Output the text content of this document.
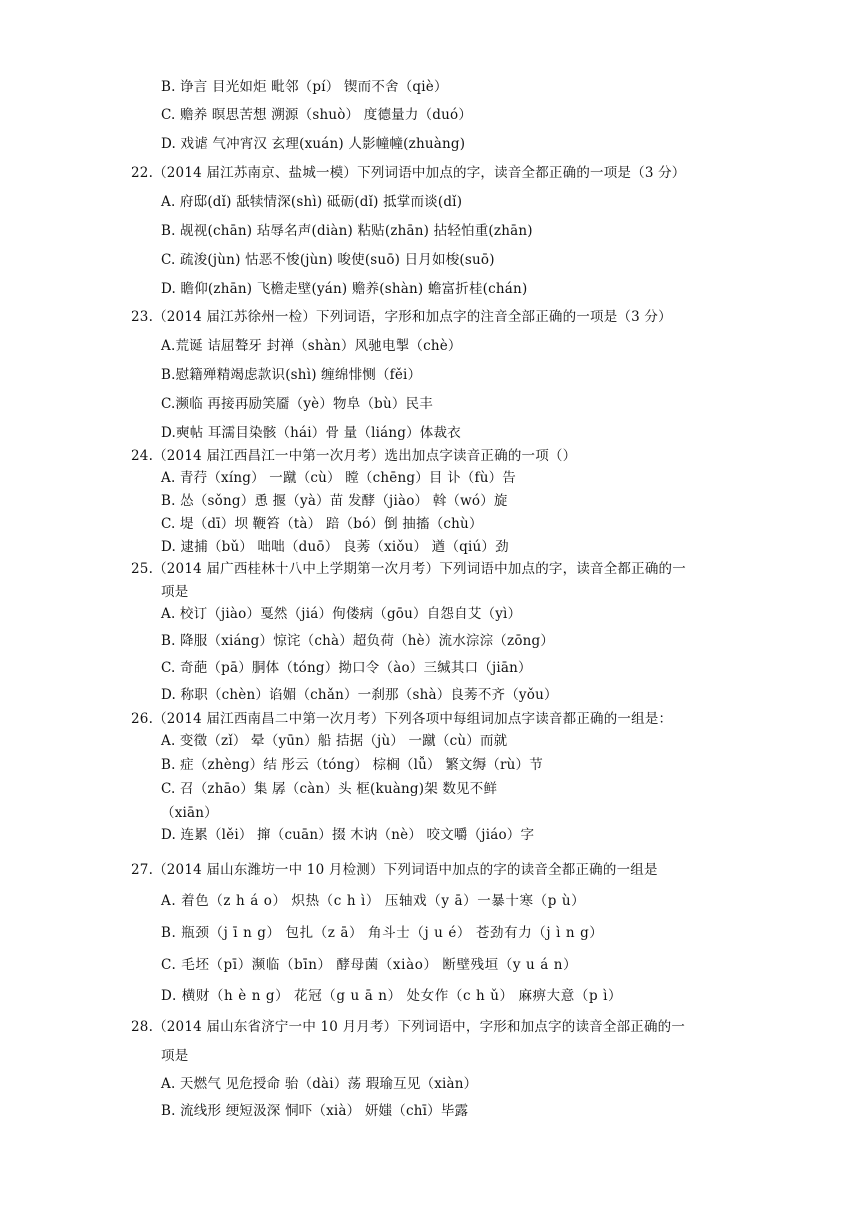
B. 诤言 目光如炬 毗邻（pí） 锲而不舍（qiè）
C. 赡养 暝思苦想 溯源（shuò） 度德量力（duó）
D. 戏谑 气冲宵汉 玄理(xuán) 人影幢幢(zhuàng)
22.（2014 届江苏南京、盐城一模）下列词语中加点的字，读音全都正确的一项是（3 分）
A. 府邸(dǐ) 舐犊情深(shì) 砥砺(dǐ) 抵掌而谈(dǐ)
B. 觇视(chān) 玷辱名声(diàn) 粘贴(zhān) 拈轻怕重(zhān)
C. 疏浚(jùn) 怙恶不悛(jùn) 唆使(suō) 日月如梭(suō)
D. 瞻仰(zhān) 飞檐走壁(yán) 赡养(shàn) 蟾富折桂(chán)
23.（2014 届江苏徐州一检）下列词语，字形和加点字的注音全部正确的一项是（3 分）
A.荒诞 诘屈聱牙 封禅（shàn）风驰电掣（chè）
B.慰籍殚精竭虑款识(shì) 缠绵悱恻（fěi）
C.濒临 再接再励笑靥（yè）物阜（bù）民丰
D.奭帖 耳濡目染骸（hái）骨 量（liáng）体裁衣
24.（2014 届江西昌江一中第一次月考）选出加点字读音正确的一项（）
A. 青荇（xíng） 一蹴（cù） 瞠（chēng）目 讣（fù）告
B. 怂（sǒng）恿 揠（yà）苗 发酵（jiào） 斡（wó）旋
C. 堤（dī）坝 鞭笞（tà） 踣（bó）倒 抽搐（chù）
D. 逮捕（bǔ） 咄咄（duō） 良莠（xiǒu） 遒（qiú）劲
25.（2014 届广西桂林十八中上学期第一次月考）下列词语中加点的字，读音全都正确的一
项是
A. 校订（jiào）戛然（jiá）佝偻病（gōu）自怨自艾（yì）
B. 降服（xiáng）惊诧（chà）超负荷（hè）流水淙淙（zōng）
C. 奇葩（pā）胴体（tóng）拗口令（ào）三缄其口（jiān）
D. 称职（chèn）谄媚（chǎn）一刹那（shà）良莠不齐（yǒu）
26.（2014 届江西南昌二中第一次月考）下列各项中每组词加点字读音都正确的一组是：
A. 变徵（zǐ） 晕（yūn）船 拮据（jù） 一蹴（cù）而就
B. 症（zhèng）结 彤云（tóng） 棕榈（lǚ） 繁文缛（rù）节
C. 召（zhāo）集 孱（càn）头 框(kuàng)架 数见不鲜
（xiān）
D. 连累（lěi） 撺（cuān）掇 木讷（nè） 咬文嚼（jiáo）字
27.（2014 届山东潍坊一中 10 月检测）下列词语中加点的字的读音全都正确的一组是
A. 着色（z h á o） 炽热（c h ì） 压轴戏（y ā）一暴十寒（p ù）
B. 瓶颈（j ī n g） 包扎（z ā） 角斗士（j u é） 苍劲有力（j ì n g）
C. 毛坯（pī）濒临（bīn） 酵母菌（xiào） 断壁残垣（y u á n）
D. 横财（h è n g） 花冠（g u ā n） 处女作（c h ǔ） 麻痹大意（p ì）
28.（2014 届山东省济宁一中 10 月月考）下列词语中，字形和加点字的读音全部正确的一
项是
A. 天燃气 见危授命 骀（dài）荡 瑕瑜互见（xiàn）
B. 流线形 绠短汲深 恫吓（xià） 妍媸（chī）毕露
